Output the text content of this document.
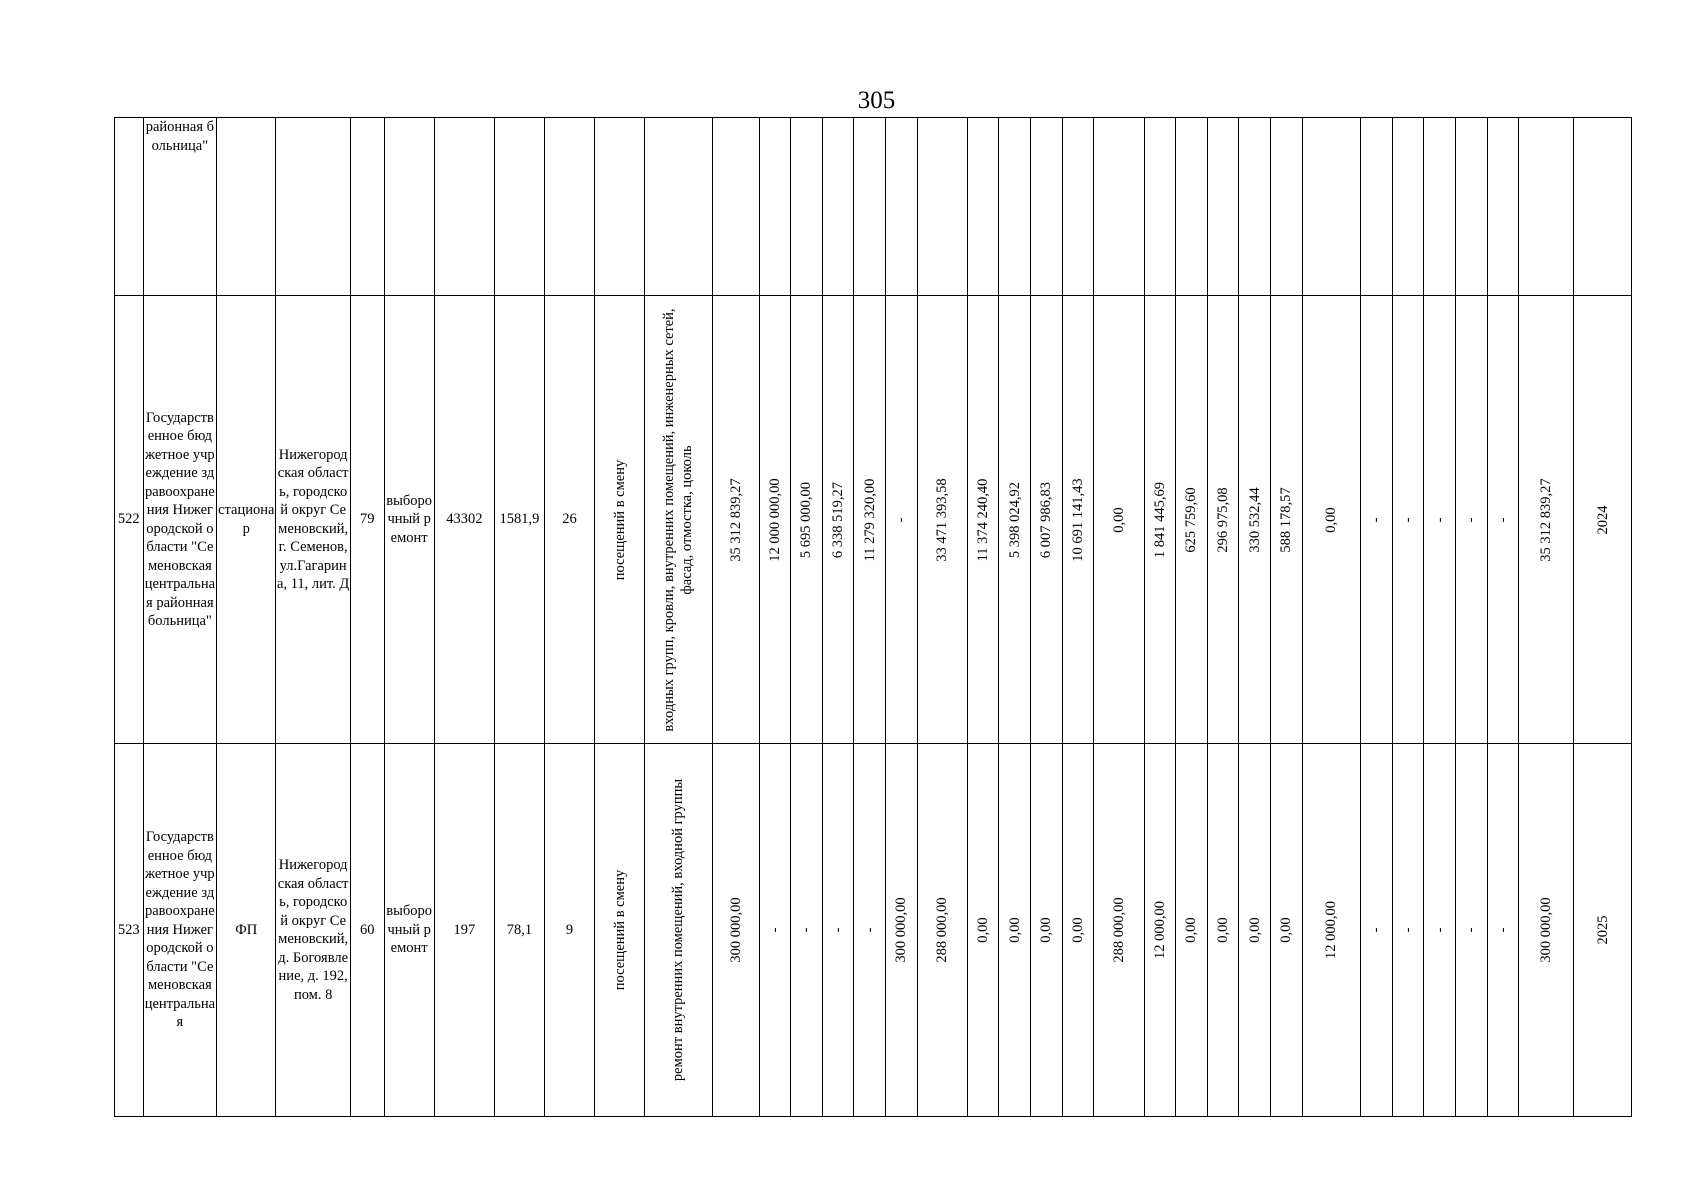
305
	районная больница"								

522	Государственное бюджетное учреждение здравоохранения Нижегородской области "Семеновская центральная районная больница"	стационар	Нижегородская область, городской округ Семеновский, г. Семенов, ул.Гагарина, 11, лит. Д	79	выборочный ремонт	43302	1581,9	26	посещений в смену	входных групп, кровли, внутренних помещений, инженерных сетей, фасад, отмостка, цоколь	35 312 839,27	12 000 000,00	5 695 000,00	6 338 519,27	11 279 320,00	-	33 471 393,58	11 374 240,40	5 398 024,92	6 007 986,83	10 691 141,43	0,00	1 841 445,69	625 759,60	296 975,08	330 532,44	588 178,57	0,00	-	-	-	-	-	35 312 839,27	2024

523	Государственное бюджетное учреждение здравоохранения Нижегородской области "Семеновская центральная	ФП	Нижегородская область, городской округ Семеновский, д. Богоявление, д. 192, пом. 8	60	выборочный ремонт	197	78,1	9	посещений в смену	ремонт внутренних помещений, входной группы	300 000,00	-	-	-	-	300 000,00	288 000,00	0,00	0,00	0,00	0,00	288 000,00	12 000,00	0,00	0,00	0,00	0,00	12 000,00	-	-	-	-	-	300 000,00	2025
